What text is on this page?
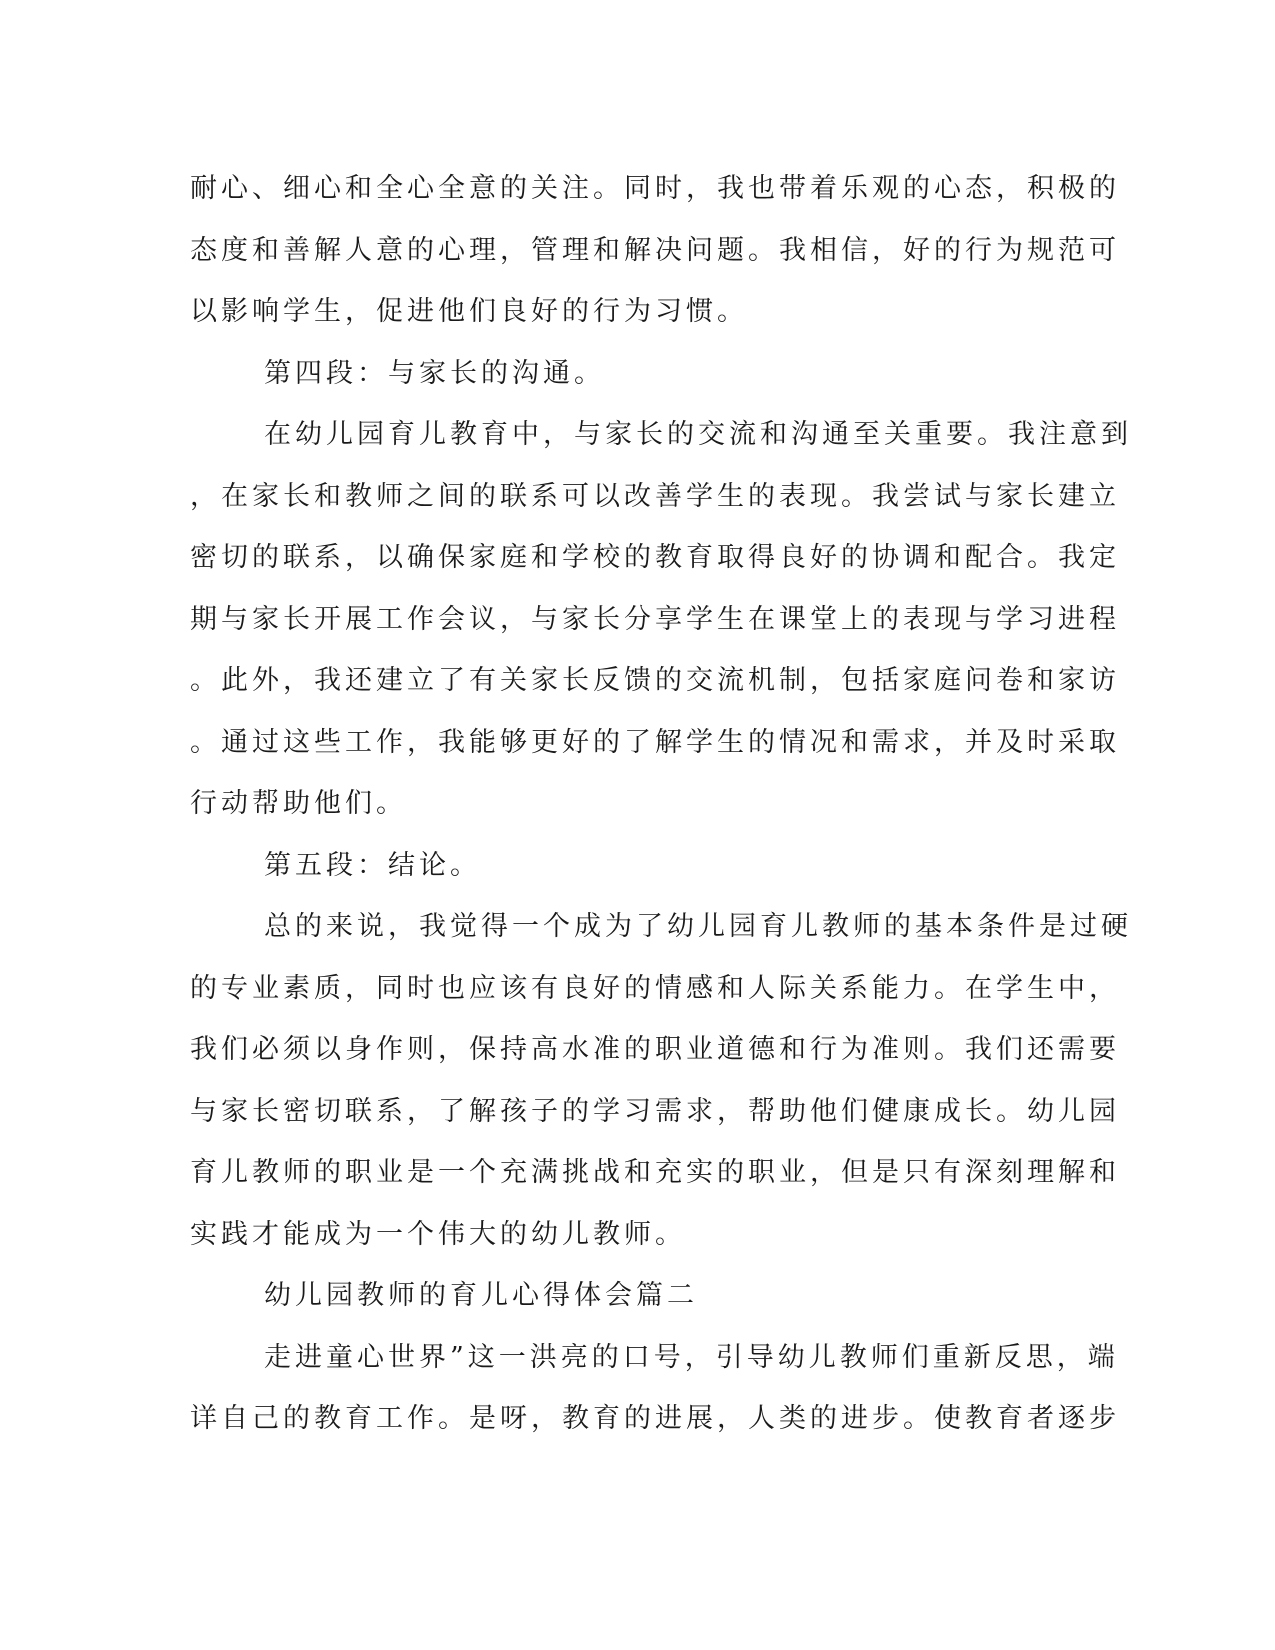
耐心、细心和全心全意的关注。同时，我也带着乐观的心态，积极的
态度和善解人意的心理，管理和解决问题。我相信，好的行为规范可
以影响学生，促进他们良好的行为习惯。
第四段：与家长的沟通。
在幼儿园育儿教育中，与家长的交流和沟通至关重要。我注意到
，在家长和教师之间的联系可以改善学生的表现。我尝试与家长建立
密切的联系，以确保家庭和学校的教育取得良好的协调和配合。我定
期与家长开展工作会议，与家长分享学生在课堂上的表现与学习进程
。此外，我还建立了有关家长反馈的交流机制，包括家庭问卷和家访
。通过这些工作，我能够更好的了解学生的情况和需求，并及时采取
行动帮助他们。
第五段：结论。
总的来说，我觉得一个成为了幼儿园育儿教师的基本条件是过硬
的专业素质，同时也应该有良好的情感和人际关系能力。在学生中，
我们必须以身作则，保持高水准的职业道德和行为准则。我们还需要
与家长密切联系，了解孩子的学习需求，帮助他们健康成长。幼儿园
育儿教师的职业是一个充满挑战和充实的职业，但是只有深刻理解和
实践才能成为一个伟大的幼儿教师。
幼儿园教师的育儿心得体会篇二
走进童心世界”这一洪亮的口号，引导幼儿教师们重新反思，端
详自己的教育工作。是呀，教育的进展，人类的进步。使教育者逐步
